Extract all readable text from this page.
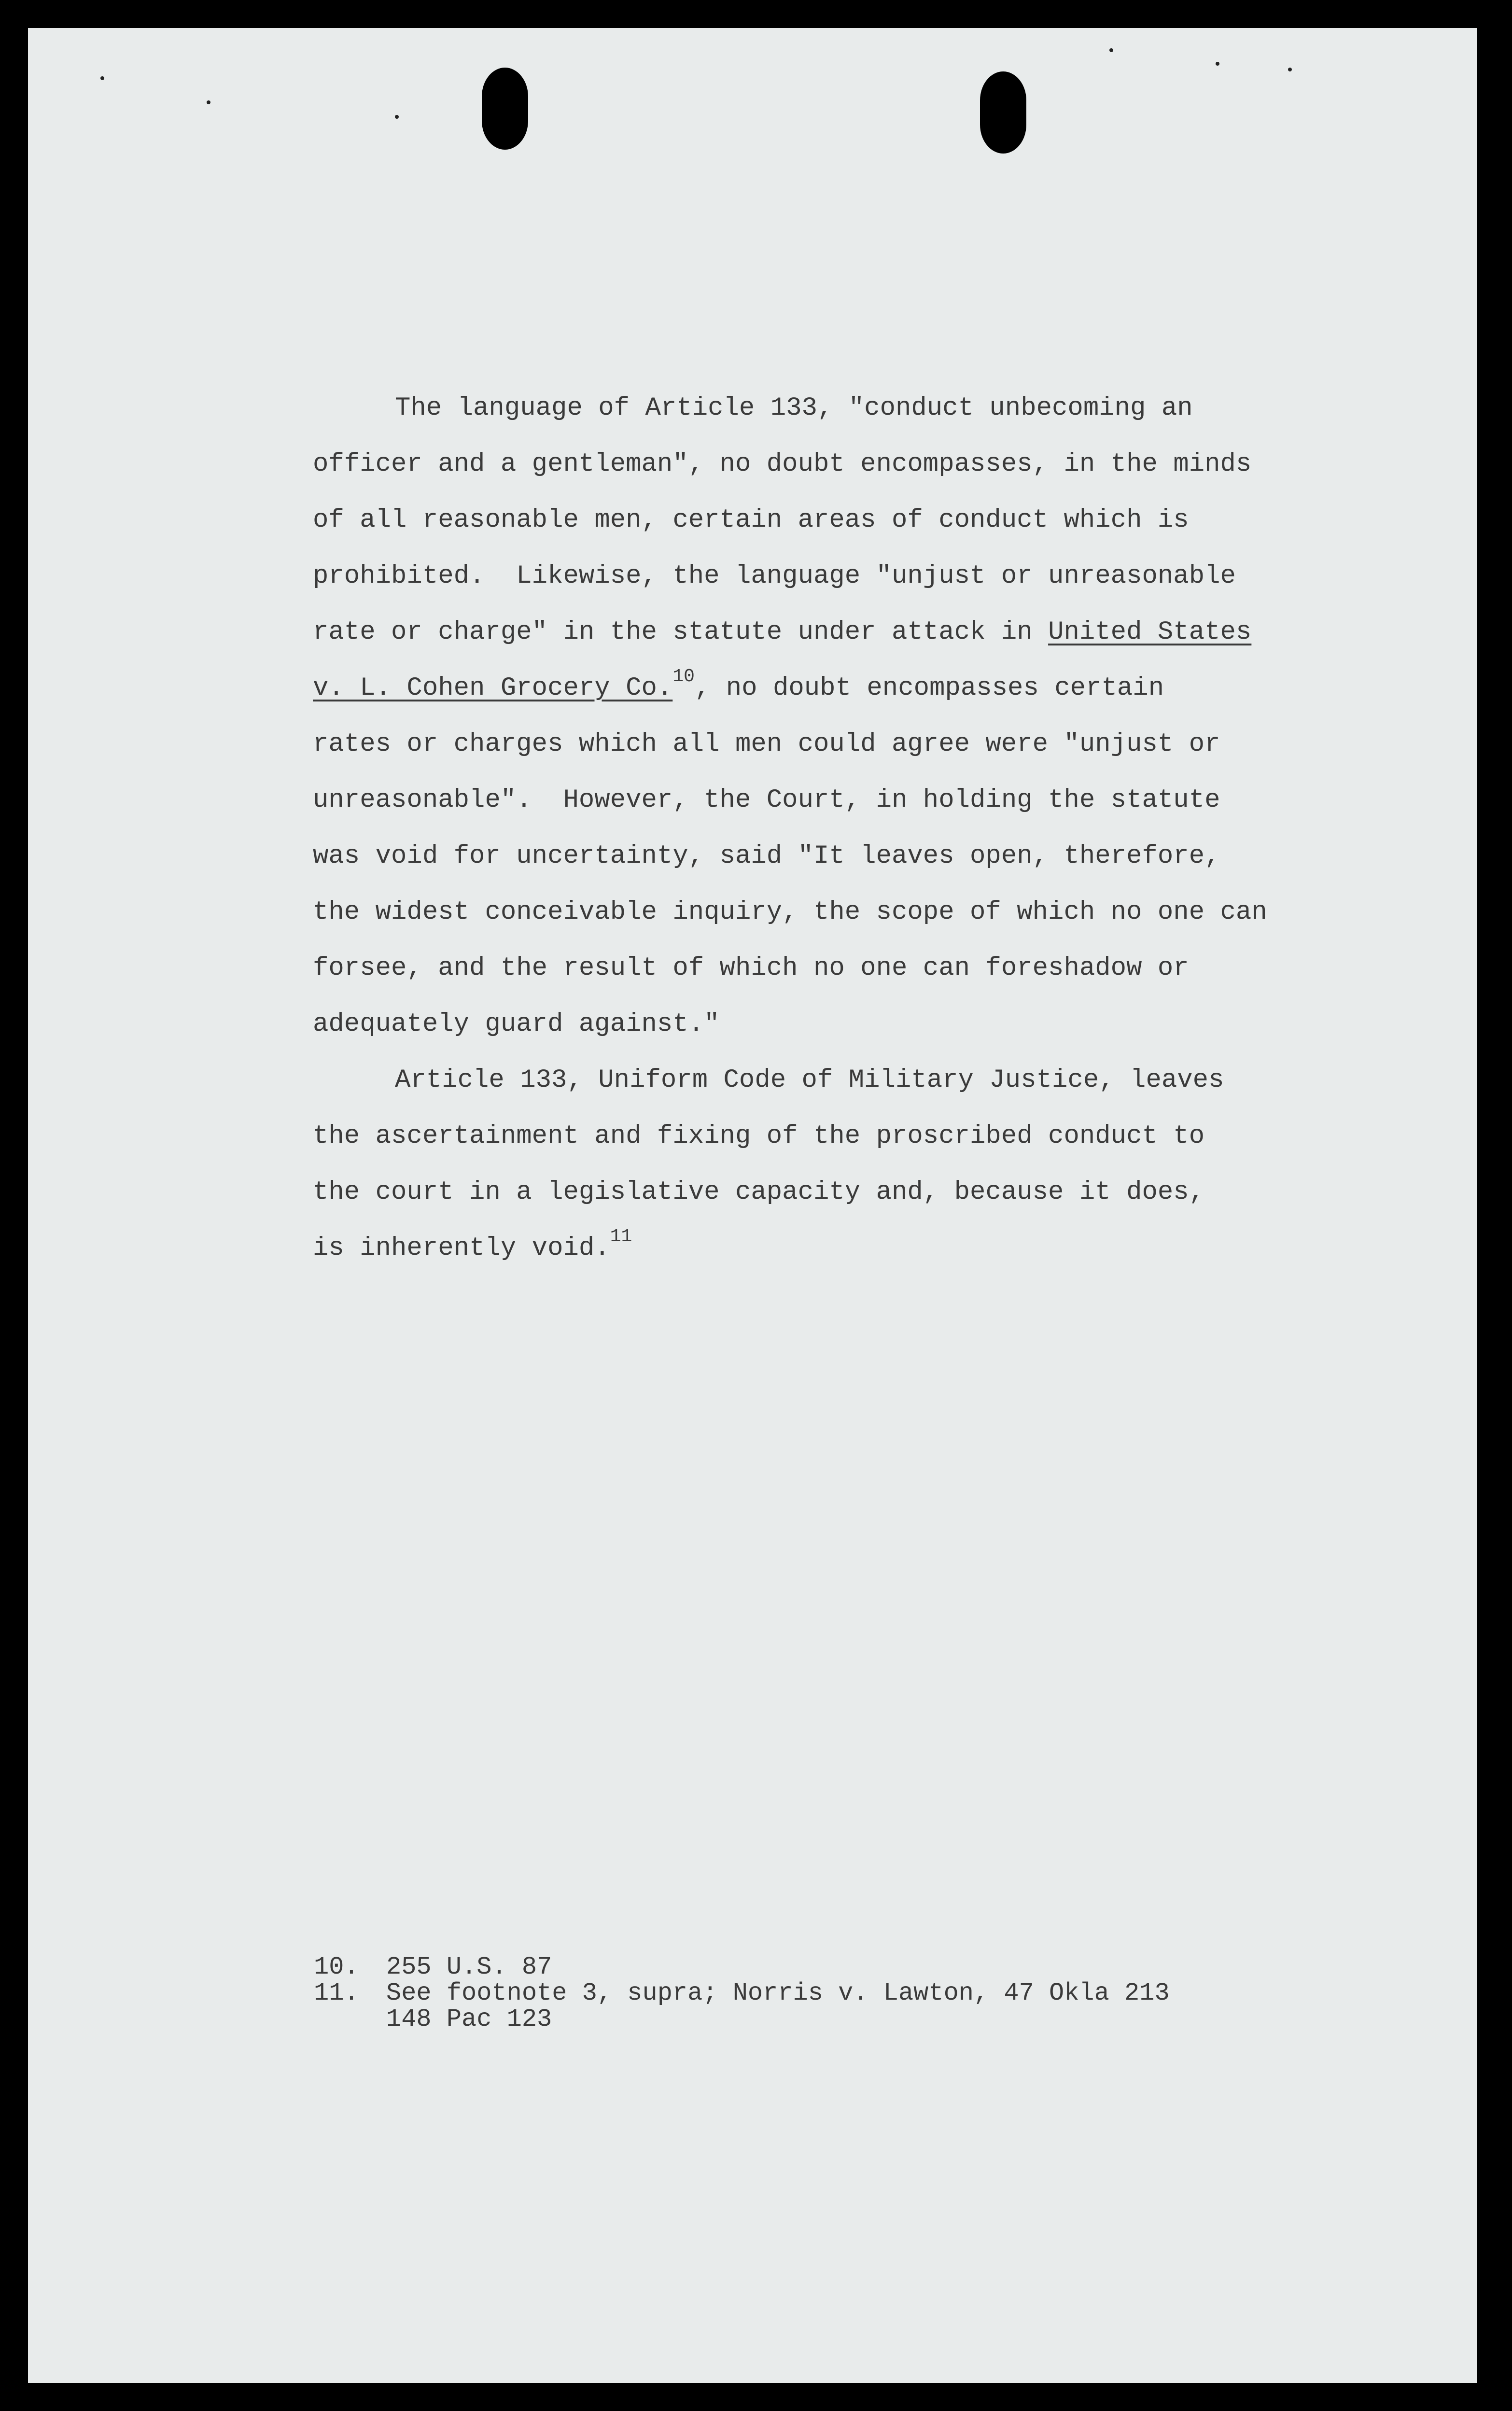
The language of Article 133, "conduct unbecoming an
officer and a gentleman", no doubt encompasses, in the minds
of all reasonable men, certain areas of conduct which is
prohibited.  Likewise, the language "unjust or unreasonable
rate or charge" in the statute under attack in United States
v. L. Cohen Grocery Co.$^{10}$, no doubt encompasses certain
rates or charges which all men could agree were "unjust or
unreasonable".  However, the Court, in holding the statute
was void for uncertainty, said "It leaves open, therefore,
the widest conceivable inquiry, the scope of which no one can
forsee, and the result of which no one can foreshadow or
adequately guard against."
Article 133, Uniform Code of Military Justice, leaves
the ascertainment and fixing of the proscribed conduct to
the court in a legislative capacity and, because it does,
is inherently void.$^{11}$
10. 255 U.S. 87
11. See footnote 3, supra; Norris v. Lawton, 47 Okla 213
148 Pac 123
